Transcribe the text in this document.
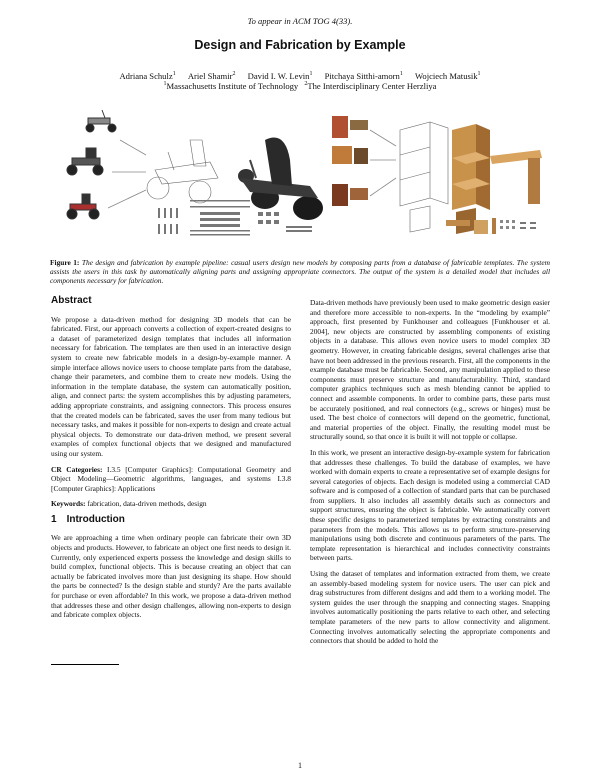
To appear in ACM TOG 4(33).
Design and Fabrication by Example
Adriana Schulz$^1$ Ariel Shamir$^2$ David I. W. Levin$^1$ Pitchaya Sitthi-amorn$^1$ Wojciech Matusik$^1$
$^1$Massachusetts Institute of Technology $^2$The Interdisciplinary Center Herzliya
Figure 1: The design and fabrication by example pipeline: casual users design new models by composing parts from a database of fabricable templates. The system assists the users in this task by automatically aligning parts and assigning appropriate connectors. The output of the system is a detailed model that includes all components necessary for fabrication.
Abstract

We propose a data-driven method for designing 3D models that can be fabricated. First, our approach converts a collection of expert-created designs to a dataset of parameterized design templates that includes all information necessary for fabrication. The templates are then used in an interactive design system to create new fabricable models in a design-by-example manner. A simple interface allows novice users to choose template parts from the database, change their parameters, and combine them to create new models. Using the information in the template database, the system can automatically position, align, and connect parts: the system accomplishes this by adjusting parameters, adding appropriate constraints, and assigning connectors. This process ensures that the created models can be fabricated, saves the user from many tedious but necessary tasks, and makes it possible for non-experts to design and create actual physical objects. To demonstrate our data-driven method, we present several examples of complex functional objects that we designed and manufactured using our system.

CR Categories: I.3.5 [Computer Graphics]: Computational Geometry and Object Modeling—Geometric algorithms, languages, and systems I.3.8 [Computer Graphics]: Applications

Keywords: fabrication, data-driven methods, design

1 Introduction

We are approaching a time when ordinary people can fabricate their own 3D objects and products. However, to fabricate an object one first needs to design it. Currently, only experienced experts possess the knowledge and design skills to build complex, functional objects. This is because creating an object that can actually be fabricated involves more than just designing its shape. How should the parts be connected? Is the design stable and sturdy? Are the parts available for purchase or even affordable? In this work, we propose a data-driven method that addresses these and other design challenges, allowing non-experts to design and fabricate complex objects.

Data-driven methods have previously been used to make geometric design easier and therefore more accessible to non-experts. In the “modeling by example” approach, first presented by Funkhouser and colleagues [Funkhouser et al. 2004], new objects are constructed by assembling components of existing objects in a database. This allows even novice users to model complex 3D geometry. However, in creating fabricable designs, several challenges arise that have not been addressed in the previous research. First, all the components in the example database must be fabricable. Second, any manipulation applied to these components must preserve structure and manufacturability. Third, standard computer graphics techniques such as mesh blending cannot be applied to connect and assemble components. In order to combine parts, these parts must be accurately positioned, and real connectors (e.g., screws or hinges) must be used. The best choice of connectors will depend on the geometric, functional, and material properties of the object. Finally, the resulting model must be structurally sound, so that once it is built it will not topple or collapse.

In this work, we present an interactive design-by-example system for fabrication that addresses these challenges. To build the database of examples, we have worked with domain experts to create a representative set of example designs for several categories of objects. Each design is modeled using a commercial CAD software and is composed of a collection of standard parts that can be purchased from suppliers. It also includes all assembly details such as connectors and support structures, ensuring the object is fabricable. We automatically convert these specific designs to parameterized templates by extracting constraints and parameters from the models. This allows us to perform structure–preserving manipulations using both discrete and continuous parameters of the parts. The template representation is hierarchical and includes connectivity constraints between parts.

Using the dataset of templates and information extracted from them, we create an assembly-based modeling system for novice users. The user can pick and drag substructures from different designs and add them to a working model. The system guides the user through the snapping and connecting stages. Snapping involves automatically positioning the parts relative to each other, and selecting template parameters of the new parts to allow connectivity and alignment. Connecting involves automatically selecting the appropriate components and connectors that should be added to hold the

1
